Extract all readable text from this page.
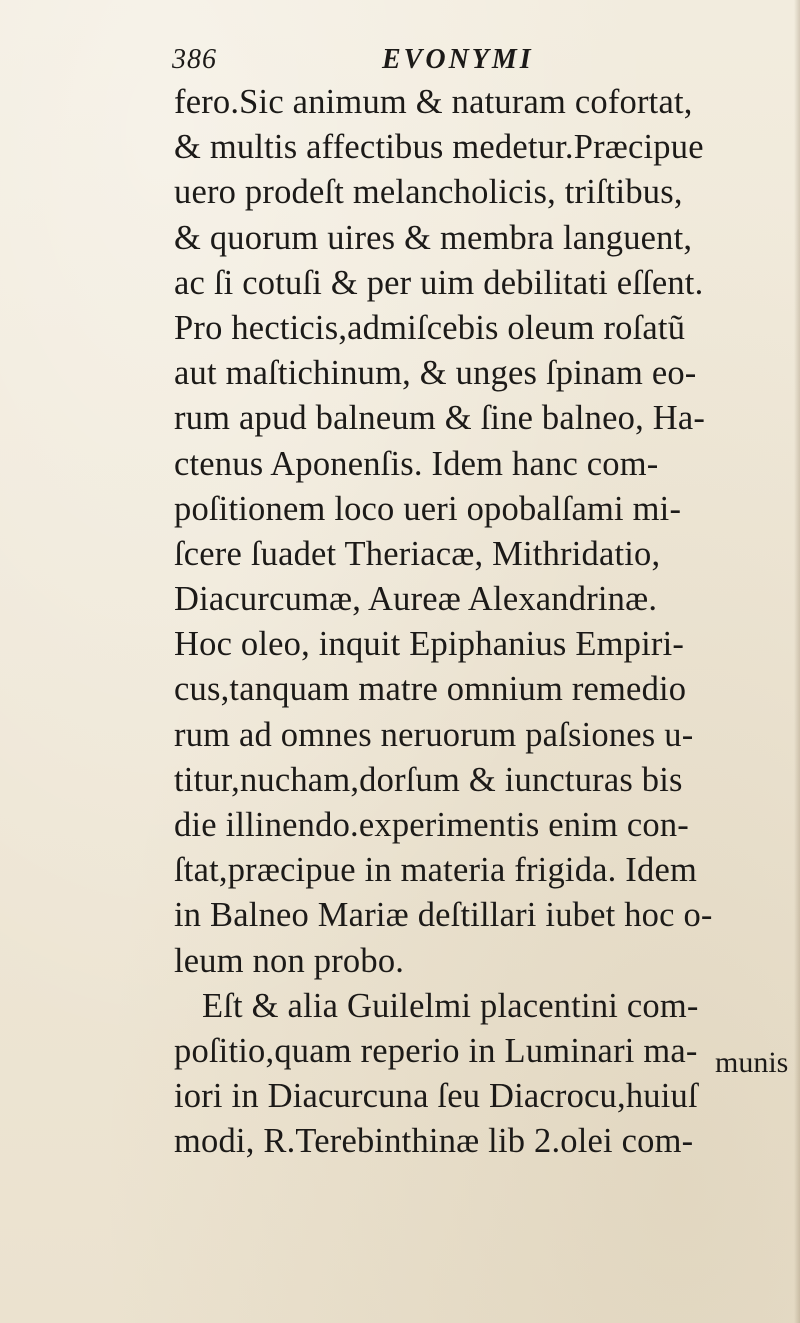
386	EVONYMI
fero.Sic animum & naturam cofortat,
& multis affectibus medetur.Præcipue
uero prodeſt melancholicis, triſtibus,
& quorum uires & membra languent,
ac ſi cotuſi & per uim debilitati eſſent.
Pro hecticis,admiſcebis oleum roſatũ
aut maſtichinum, & unges ſpinam eo-
rum apud balneum & ſine balneo, Ha-
ctenus Aponenſis. Idem hanc com-
poſitionem loco ueri opobalſami mi-
ſcere ſuadet Theriacæ, Mithridatio,
Diacurcumæ, Aureæ Alexandrinæ.
Hoc oleo, inquit Epiphanius Empiri-
cus,tanquam matre omnium remedio
rum ad omnes neruorum paſsiones u-
titur,nucham,dorſum & iuncturas bis
die illinendo.experimentis enim con-
ſtat,præcipue in materia frigida. Idem
in Balneo Mariæ deſtillari iubet hoc o-
leum non probo.
Eſt & alia Guilelmi placentini com-
poſitio,quam reperio in Luminari ma-
iori in Diacurcuna ſeu Diacrocu,huiuſ
modi, R.Terebinthinæ lib 2.olei com-
munis
